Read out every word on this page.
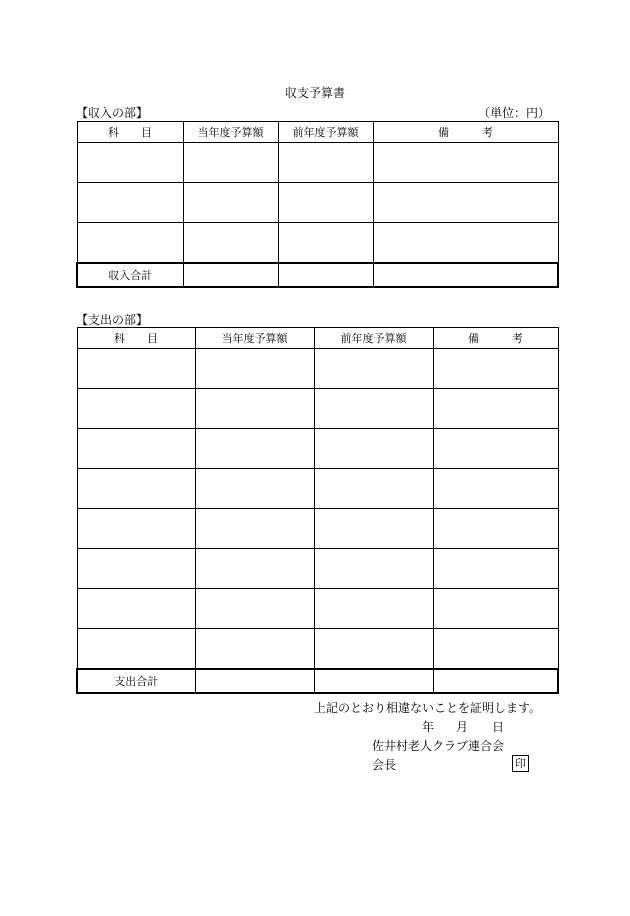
収支予算書
【収入の部】	（単位：円）
科　　目	当年度予算額	前年度予算額	備　　　考

収入合計			
【支出の部】
科　　目	当年度予算額	前年度予算額	備　　　考

支出合計			
上記のとおり相違ないことを証明します。
年 月 日
佐井村老人クラブ連合会
会長	印
